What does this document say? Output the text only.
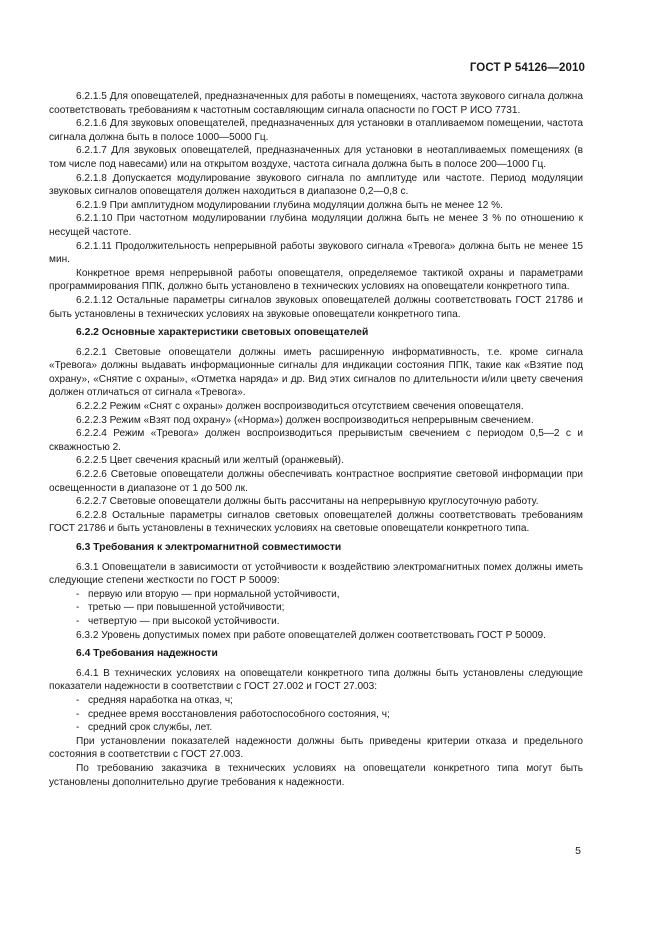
ГОСТ Р 54126—2010

6.2.1.5 Для оповещателей, предназначенных для работы в помещениях, частота звукового сигнала должна соответствовать требованиям к частотным составляющим сигнала опасности по ГОСТ Р ИСО 7731.

6.2.1.6 Для звуковых оповещателей, предназначенных для установки в отапливаемом помещении, частота сигнала должна быть в полосе 1000—5000 Гц.

6.2.1.7 Для звуковых оповещателей, предназначенных для установки в неотапливаемых помещениях (в том числе под навесами) или на открытом воздухе, частота сигнала должна быть в полосе 200—1000 Гц.

6.2.1.8 Допускается модулирование звукового сигнала по амплитуде или частоте. Период модуляции звуковых сигналов оповещателя должен находиться в диапазоне 0,2—0,8 с.

6.2.1.9 При амплитудном модулировании глубина модуляции должна быть не менее 12 %.

6.2.1.10 При частотном модулировании глубина модуляции должна быть не менее 3 % по отношению к несущей частоте.

6.2.1.11 Продолжительность непрерывной работы звукового сигнала «Тревога» должна быть не менее 15 мин.

Конкретное время непрерывной работы оповещателя, определяемое тактикой охраны и параметрами программирования ППК, должно быть установлено в технических условиях на оповещатели конкретного типа.

6.2.1.12 Остальные параметры сигналов звуковых оповещателей должны соответствовать ГОСТ 21786 и быть установлены в технических условиях на звуковые оповещатели конкретного типа.

6.2.2 Основные характеристики световых оповещателей

6.2.2.1 Световые оповещатели должны иметь расширенную информативность, т.е. кроме сигнала «Тревога» должны выдавать информационные сигналы для индикации состояния ППК, такие как «Взятие под охрану», «Снятие с охраны», «Отметка наряда» и др. Вид этих сигналов по длительности и/или цвету свечения должен отличаться от сигнала «Тревога».

6.2.2.2 Режим «Снят с охраны» должен воспроизводиться отсутствием свечения оповещателя.

6.2.2.3 Режим «Взят под охрану» («Норма») должен воспроизводиться непрерывным свечением.

6.2.2.4 Режим «Тревога» должен воспроизводиться прерывистым свечением с периодом 0,5—2 с и скважностью 2.

6.2.2.5 Цвет свечения красный или желтый (оранжевый).

6.2.2.6 Световые оповещатели должны обеспечивать контрастное восприятие световой информации при освещенности в диапазоне от 1 до 500 лк.

6.2.2.7 Световые оповещатели должны быть рассчитаны на непрерывную круглосуточную работу.

6.2.2.8 Остальные параметры сигналов световых оповещателей должны соответствовать требованиям ГОСТ 21786 и быть установлены в технических условиях на световые оповещатели конкретного типа.

6.3 Требования к электромагнитной совместимости

6.3.1 Оповещатели в зависимости от устойчивости к воздействию электромагнитных помех должны иметь следующие степени жесткости по ГОСТ Р 50009:

- первую или вторую — при нормальной устойчивости,
- третью — при повышенной устойчивости;
- четвертую — при высокой устойчивости.

6.3.2 Уровень допустимых помех при работе оповещателей должен соответствовать ГОСТ Р 50009.

6.4 Требования надежности

6.4.1 В технических условиях на оповещатели конкретного типа должны быть установлены следующие показатели надежности в соответствии с ГОСТ 27.002 и ГОСТ 27.003:

- средняя наработка на отказ, ч;
- среднее время восстановления работоспособного состояния, ч;
- средний срок службы, лет.

При установлении показателей надежности должны быть приведены критерии отказа и предельного состояния в соответствии с ГОСТ 27.003.

По требованию заказчика в технических условиях на оповещатели конкретного типа могут быть установлены дополнительно другие требования к надежности.

5
